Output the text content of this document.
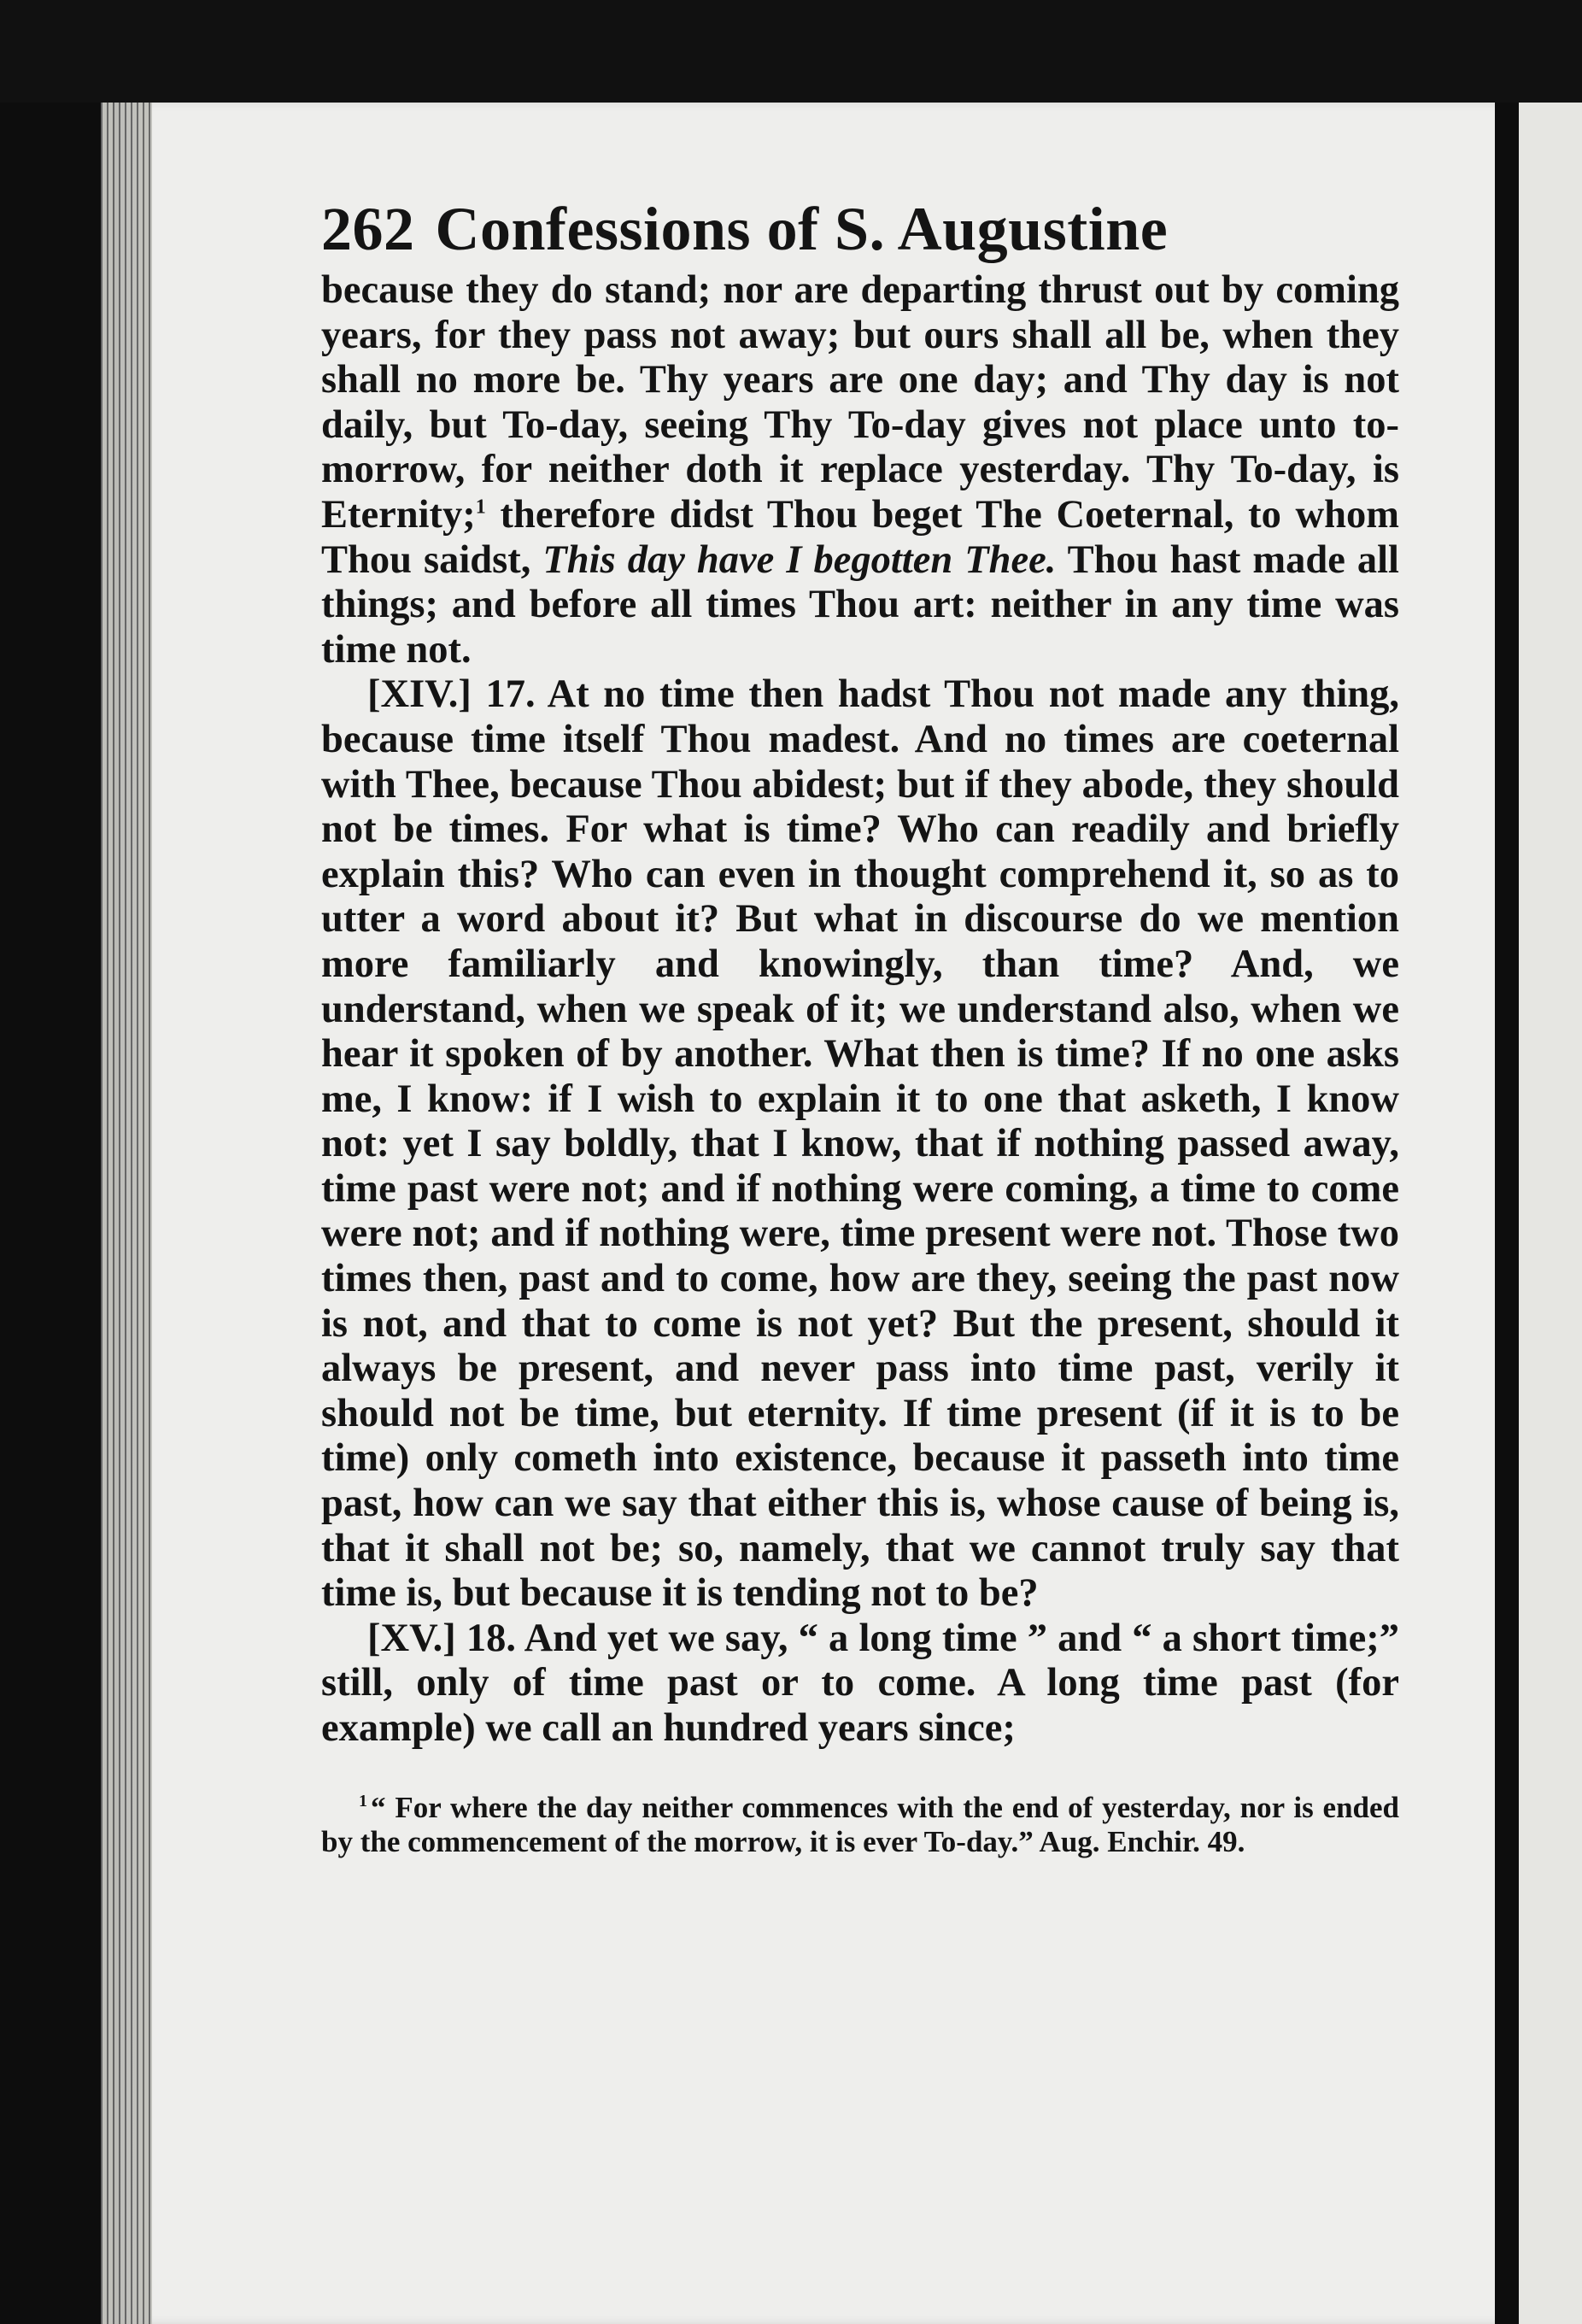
262 Confessions of S. Augustine

because they do stand; nor are departing thrust out by coming years, for they pass not away; but ours shall all be, when they shall no more be. Thy years are one day; and Thy day is not daily, but To-day, seeing Thy To-day gives not place unto to-morrow, for neither doth it replace yesterday. Thy To-day, is Eternity;$^1$ therefore didst Thou beget The Coeternal, to whom Thou saidst, This day have I begotten Thee. Thou hast made all things; and before all times Thou art: neither in any time was time not.

[XIV.] 17. At no time then hadst Thou not made any thing, because time itself Thou madest. And no times are coeternal with Thee, because Thou abidest; but if they abode, they should not be times. For what is time? Who can readily and briefly explain this? Who can even in thought comprehend it, so as to utter a word about it? But what in discourse do we mention more familiarly and knowingly, than time? And, we understand, when we speak of it; we understand also, when we hear it spoken of by another. What then is time? If no one asks me, I know: if I wish to explain it to one that asketh, I know not: yet I say boldly, that I know, that if nothing passed away, time past were not; and if nothing were coming, a time to come were not; and if nothing were, time present were not. Those two times then, past and to come, how are they, seeing the past now is not, and that to come is not yet? But the present, should it always be present, and never pass into time past, verily it should not be time, but eternity. If time present (if it is to be time) only cometh into existence, because it passeth into time past, how can we say that either this is, whose cause of being is, that it shall not be; so, namely, that we cannot truly say that time is, but because it is tending not to be?

[XV.] 18. And yet we say, “ a long time ” and “ a short time;” still, only of time past or to come. A long time past (for example) we call an hundred years since;

$^1$ “ For where the day neither commences with the end of yesterday, nor is ended by the commencement of the morrow, it is ever To-day.” Aug. Enchir. 49.
